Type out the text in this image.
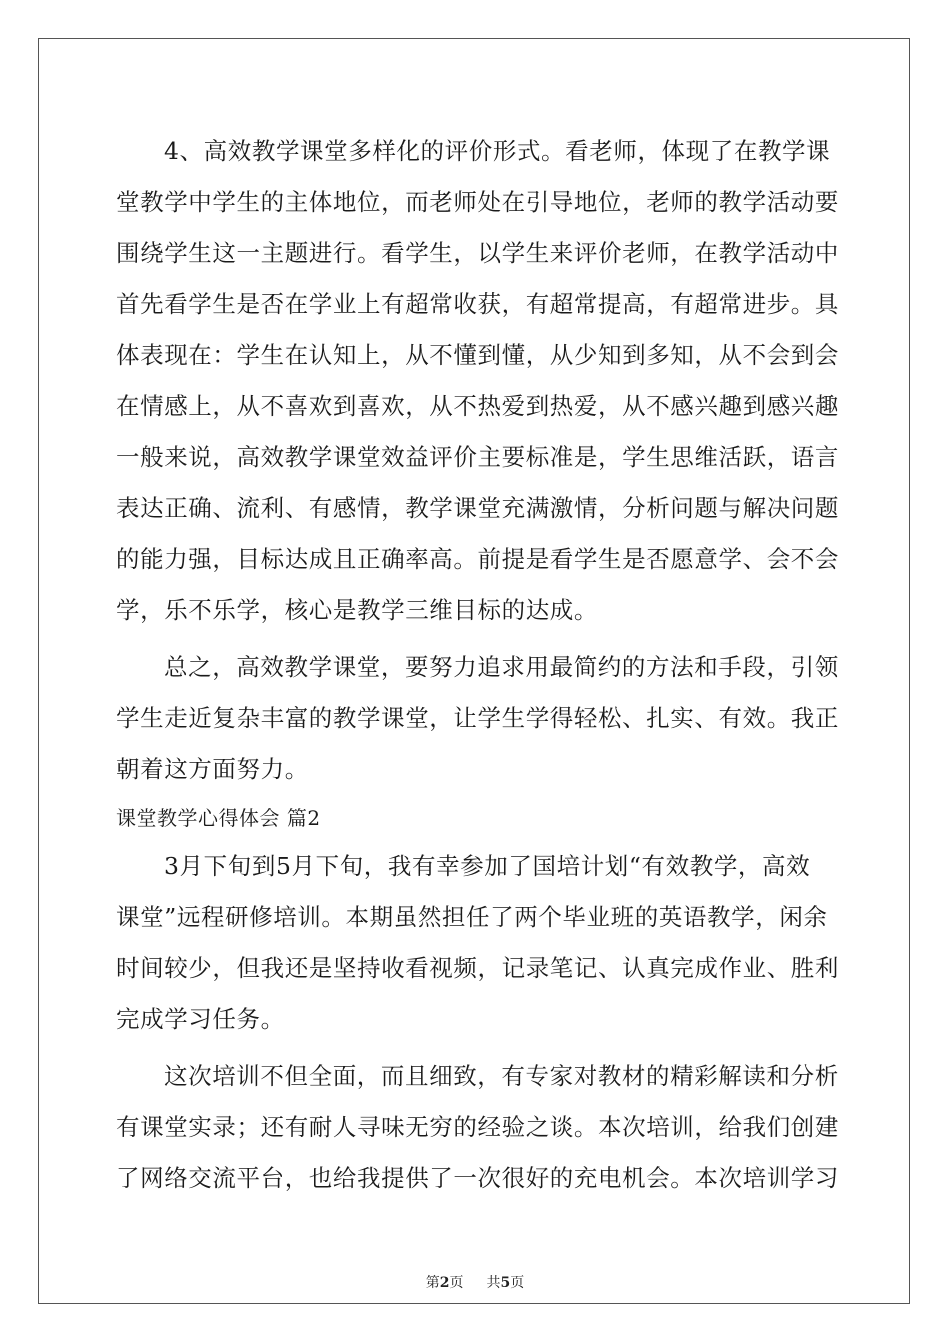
4、高效教学课堂多样化的评价形式。看老师，体现了在教学课
堂教学中学生的主体地位，而老师处在引导地位，老师的教学活动要
围绕学生这一主题进行。看学生，以学生来评价老师，在教学活动中
首先看学生是否在学业上有超常收获，有超常提高，有超常进步。具
体表现在：学生在认知上，从不懂到懂，从少知到多知，从不会到会
在情感上，从不喜欢到喜欢，从不热爱到热爱，从不感兴趣到感兴趣
一般来说，高效教学课堂效益评价主要标准是，学生思维活跃，语言
表达正确、流利、有感情，教学课堂充满激情，分析问题与解决问题
的能力强，目标达成且正确率高。前提是看学生是否愿意学、会不会
学，乐不乐学，核心是教学三维目标的达成。
总之，高效教学课堂，要努力追求用最简约的方法和手段，引领
学生走近复杂丰富的教学课堂，让学生学得轻松、扎实、有效。我正
朝着这方面努力。
课堂教学心得体会 篇2
3月下旬到5月下旬，我有幸参加了国培计划“有效教学，高效
课堂”远程研修培训。本期虽然担任了两个毕业班的英语教学，闲余
时间较少，但我还是坚持收看视频，记录笔记、认真完成作业、胜利
完成学习任务。
这次培训不但全面，而且细致，有专家对教材的精彩解读和分析
有课堂实录；还有耐人寻味无穷的经验之谈。本次培训，给我们创建
了网络交流平台，也给我提供了一次很好的充电机会。本次培训学习
第2页 共5页
